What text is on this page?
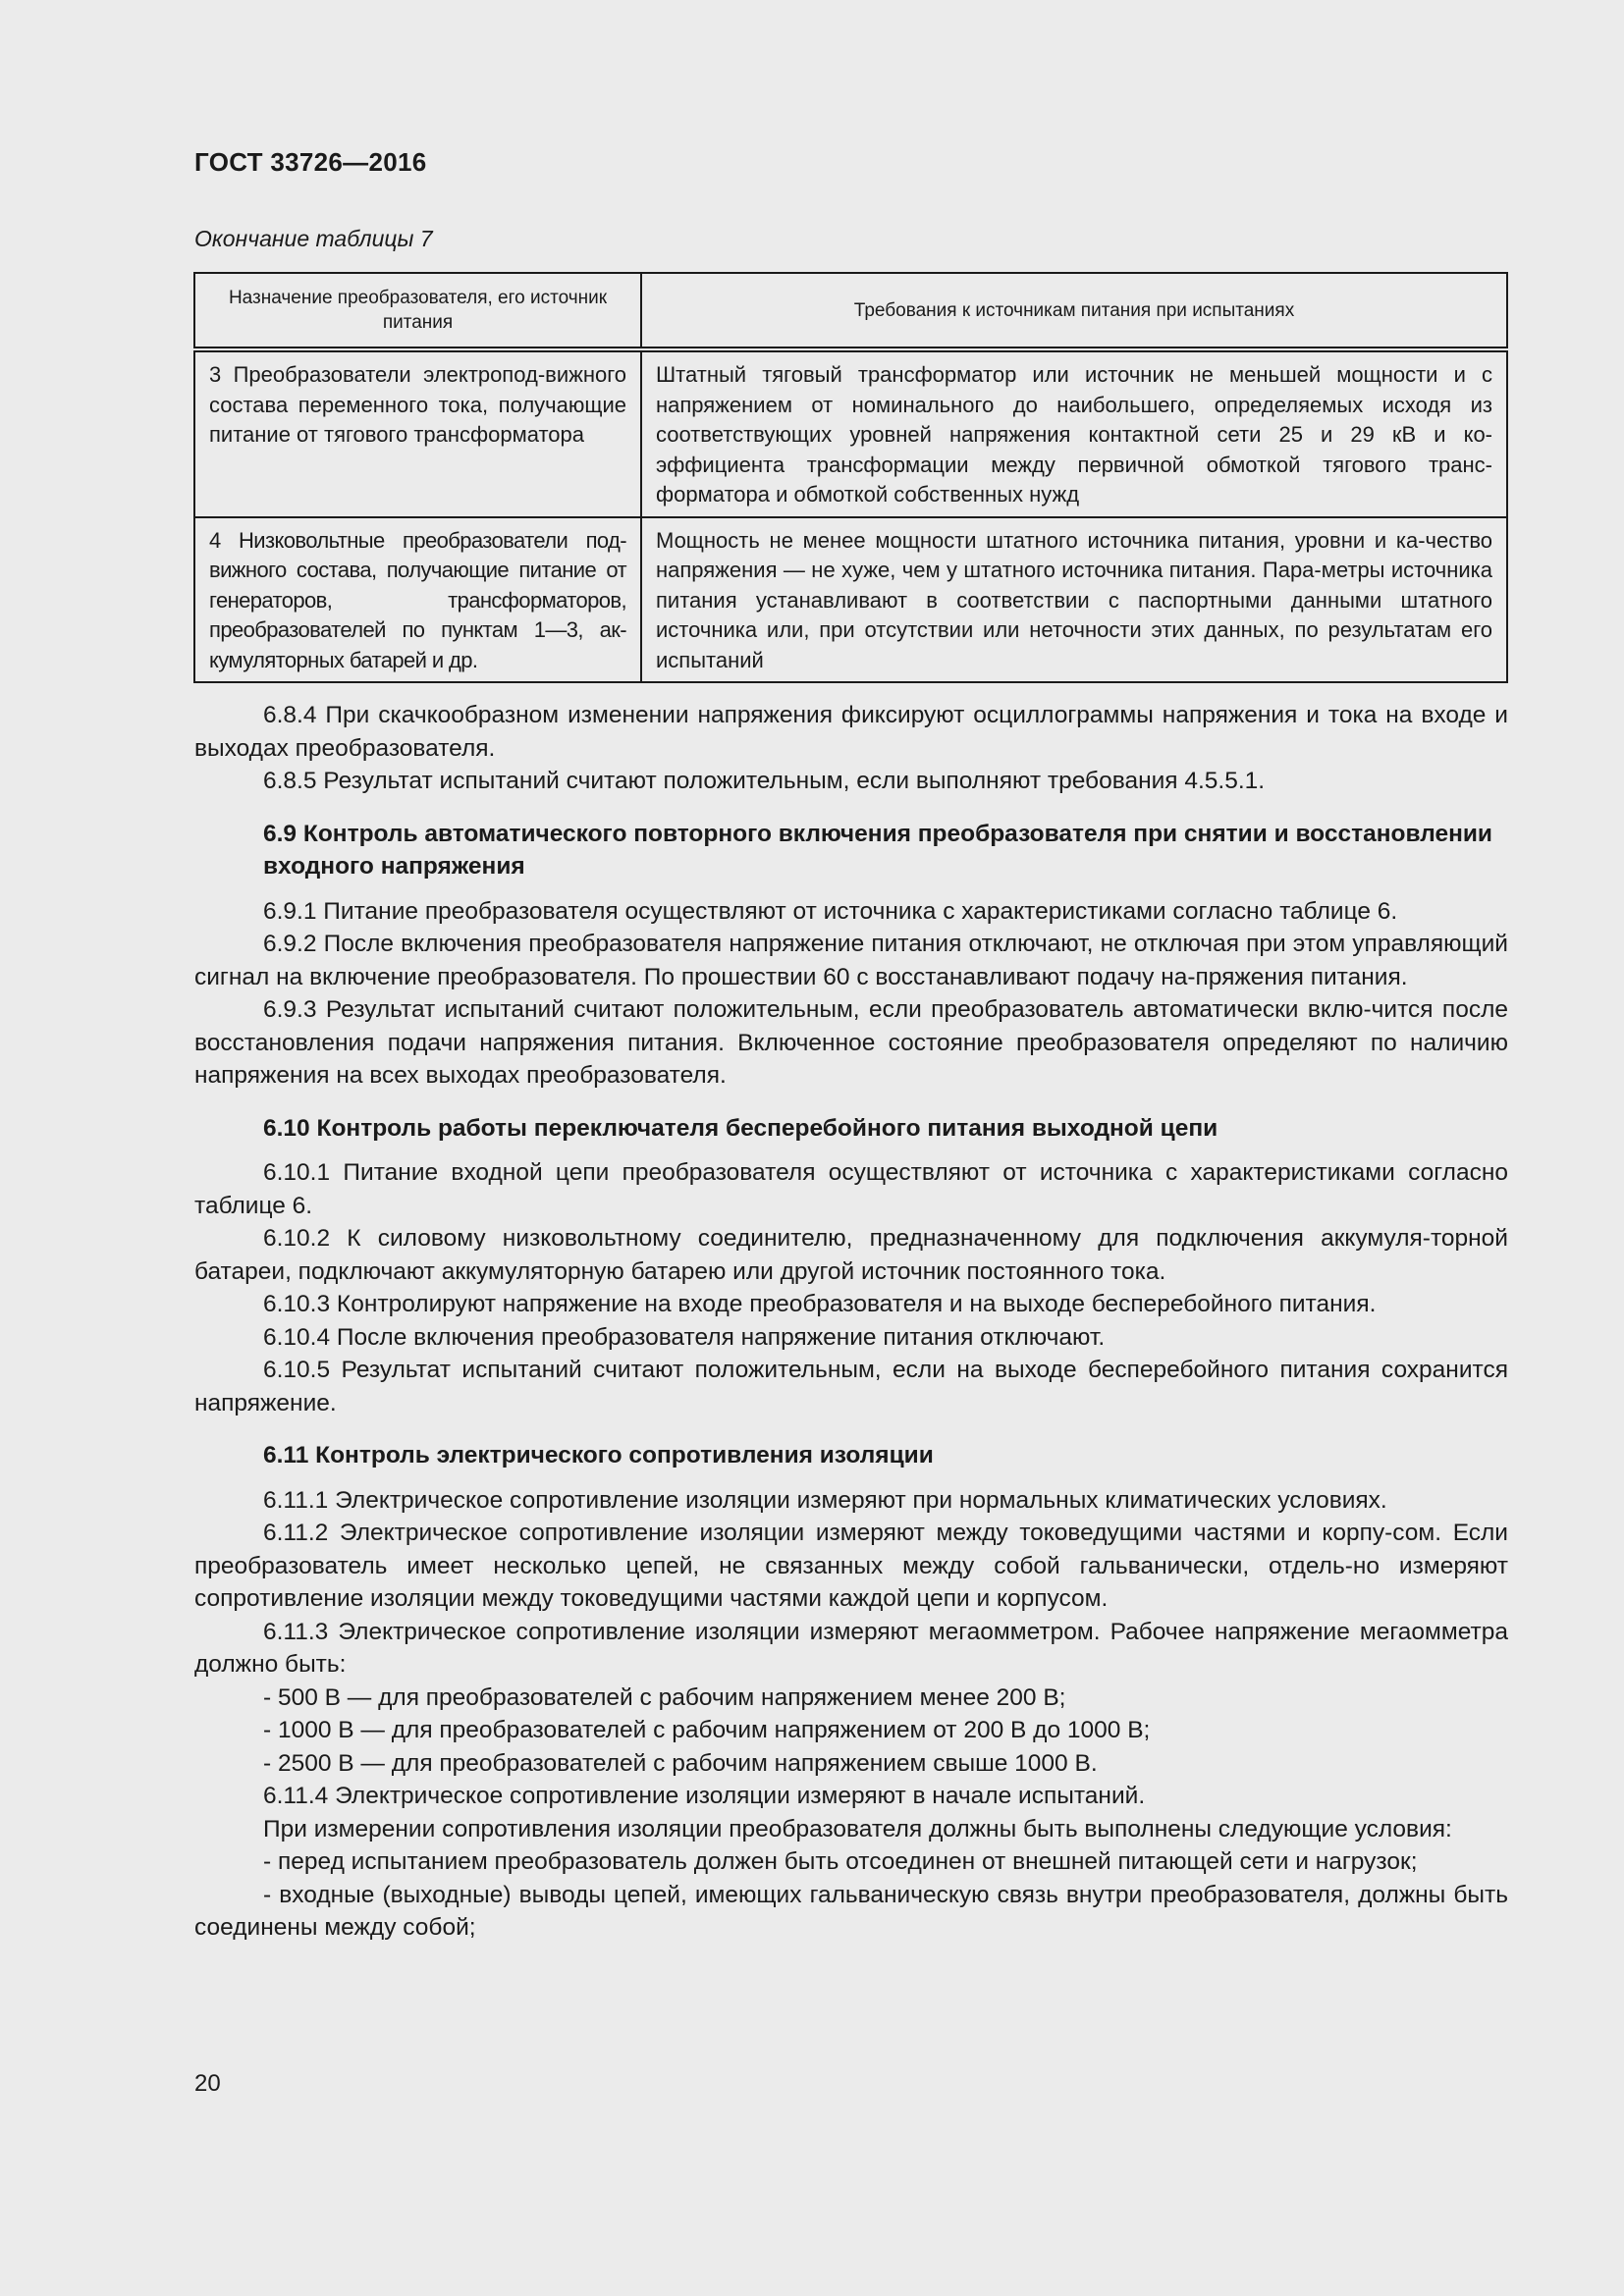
ГОСТ 33726—2016
Окончание таблицы 7
Назначение преобразователя, его источник питания	Требования к источникам питания при испытаниях
3 Преобразователи электропод-вижного состава переменного тока, получающие питание от тягового трансформатора	Штатный тяговый трансформатор или источник не меньшей мощности и с напряжением от номинального до наибольшего, определяемых исходя из соответствующих уровней напряжения контактной сети 25 и 29 кВ и ко-эффициента трансформации между первичной обмоткой тягового транс-форматора и обмоткой собственных нужд
4 Низковольтные преобразователи под-вижного состава, получающие питание от генераторов, трансформаторов, преобразователей по пунктам 1—3, ак-кумуляторных батарей и др.	Мощность не менее мощности штатного источника питания, уровни и ка-чество напряжения — не хуже, чем у штатного источника питания. Пара-метры источника питания устанавливают в соответствии с паспортными данными штатного источника или, при отсутствии или неточности этих данных, по результатам его испытаний

6.8.4 При скачкообразном изменении напряжения фиксируют осциллограммы напряжения и тока на входе и выходах преобразователя.

6.8.5 Результат испытаний считают положительным, если выполняют требования 4.5.5.1.

6.9 Контроль автоматического повторного включения преобразователя при снятии и восстановлении входного напряжения

6.9.1 Питание преобразователя осуществляют от источника с характеристиками согласно таблице 6.

6.9.2 После включения преобразователя напряжение питания отключают, не отключая при этом управляющий сигнал на включение преобразователя. По прошествии 60 с восстанавливают подачу на-пряжения питания.

6.9.3 Результат испытаний считают положительным, если преобразователь автоматически вклю-чится после восстановления подачи напряжения питания. Включенное состояние преобразователя определяют по наличию напряжения на всех выходах преобразователя.

6.10 Контроль работы переключателя бесперебойного питания выходной цепи

6.10.1 Питание входной цепи преобразователя осуществляют от источника с характеристиками согласно таблице 6.

6.10.2 К силовому низковольтному соединителю, предназначенному для подключения аккумуля-торной батареи, подключают аккумуляторную батарею или другой источник постоянного тока.

6.10.3 Контролируют напряжение на входе преобразователя и на выходе бесперебойного питания.

6.10.4 После включения преобразователя напряжение питания отключают.

6.10.5 Результат испытаний считают положительным, если на выходе бесперебойного питания сохранится напряжение.

6.11 Контроль электрического сопротивления изоляции

6.11.1 Электрическое сопротивление изоляции измеряют при нормальных климатических условиях.

6.11.2 Электрическое сопротивление изоляции измеряют между токоведущими частями и корпу-сом. Если преобразователь имеет несколько цепей, не связанных между собой гальванически, отдель-но измеряют сопротивление изоляции между токоведущими частями каждой цепи и корпусом.

6.11.3 Электрическое сопротивление изоляции измеряют мегаомметром. Рабочее напряжение мегаомметра должно быть:

- 500 В — для преобразователей с рабочим напряжением менее 200 В;

- 1000 В — для преобразователей с рабочим напряжением от 200 В до 1000 В;

- 2500 В — для преобразователей с рабочим напряжением свыше 1000 В.

6.11.4 Электрическое сопротивление изоляции измеряют в начале испытаний.

При измерении сопротивления изоляции преобразователя должны быть выполнены следующие условия:

- перед испытанием преобразователь должен быть отсоединен от внешней питающей сети и нагрузок;

- входные (выходные) выводы цепей, имеющих гальваническую связь внутри преобразователя, должны быть соединены между собой;

20
